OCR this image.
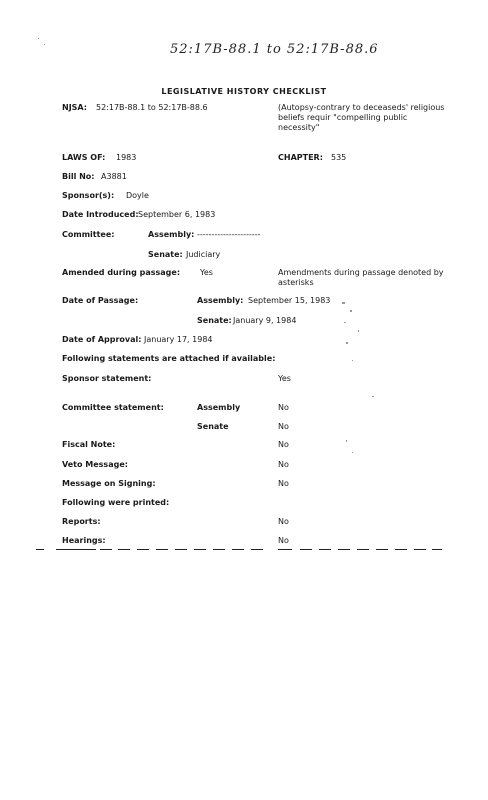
52:17B-88.1 to 52:17B-88.6
LEGISLATIVE HISTORY CHECKLIST
NJSA: 52:17B-88.1 to 52:17B-88.6	(Autopsy-contrary to deceaseds' religious beliefs requir "compelling public necessity"
LAWS OF: 1983	CHAPTER: 535
Bill No: A3881
Sponsor(s): Doyle
Date Introduced: September 6, 1983
Committee:	Assembly: ----------------------
Senate: Judiciary
Amended during passage: Yes	Amendments during passage denoted by asterisks
Date of Passage:	Assembly: September 15, 1983
Senate: January 9, 1984
Date of Approval: January 17, 1984
Following statements are attached if available:
Sponsor statement:	Yes
Committee statement:	Assembly	No
Senate	No
Fiscal Note:	No
Veto Message:	No
Message on Signing:	No
Following were printed:
Reports:	No
Hearings:	No
